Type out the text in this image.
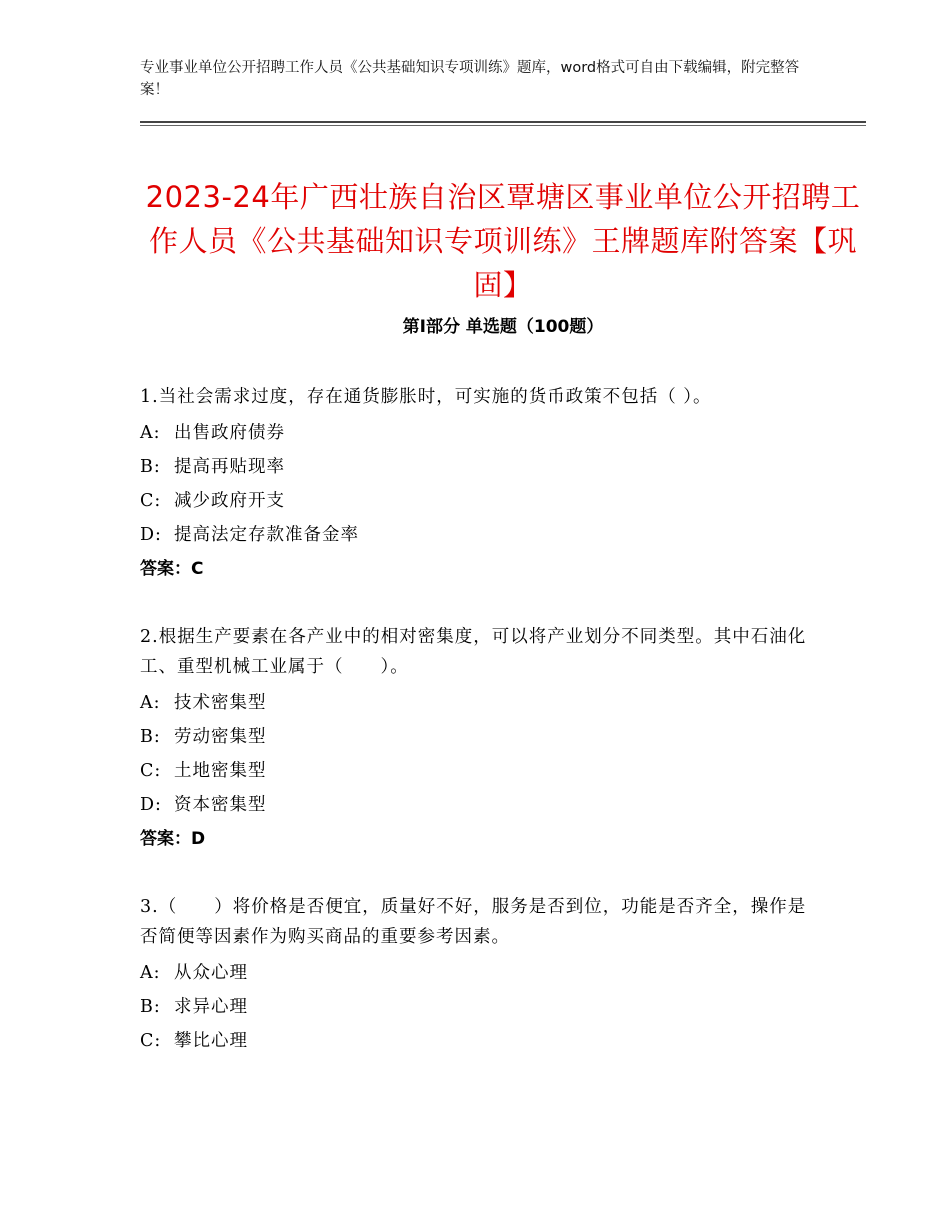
专业事业单位公开招聘工作人员《公共基础知识专项训练》题库，word格式可自由下载编辑，附完整答案！
2023-24年广西壮族自治区覃塘区事业单位公开招聘工作人员《公共基础知识专项训练》王牌题库附答案【巩固】
第Ⅰ部分 单选题（100题）
1.当社会需求过度，存在通货膨胀时，可实施的货币政策不包括（ ）。
A: 出售政府债券
B: 提高再贴现率
C: 减少政府开支
D: 提高法定存款准备金率
答案：C
2.根据生产要素在各产业中的相对密集度，可以将产业划分不同类型。其中石油化工、重型机械工业属于（　　）。
A: 技术密集型
B: 劳动密集型
C: 土地密集型
D: 资本密集型
答案：D
3.（　　）将价格是否便宜，质量好不好，服务是否到位，功能是否齐全，操作是否简便等因素作为购买商品的重要参考因素。
A: 从众心理
B: 求异心理
C: 攀比心理
